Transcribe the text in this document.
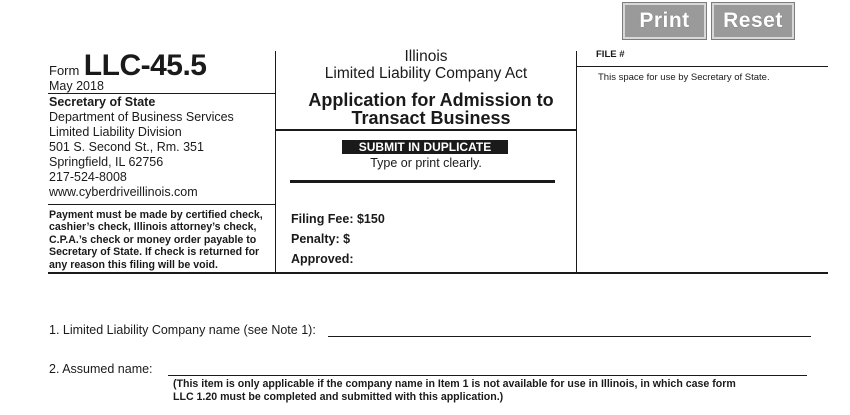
Print	Reset
Form LLC-45.5
May 2018
Secretary of State
Department of Business Services
Limited Liability Division
501 S. Second St., Rm. 351
Springfield, IL 62756
217-524-8008
www.cyberdriveillinois.com
Payment must be made by certified check,
cashier’s check, Illinois attorney’s check,
C.P.A.’s check or money order payable to
Secretary of State. If check is returned for
any reason this filing will be void.
Illinois
Limited Liability Company Act
Application for Admission to
Transact Business
SUBMIT IN DUPLICATE
Type or print clearly.
Filing Fee: $150
Penalty: $
Approved:
FILE #
This space for use by Secretary of State.
1. Limited Liability Company name (see Note 1):
2. Assumed name:
(This item is only applicable if the company name in Item 1 is not available for use in Illinois, in which case form
LLC 1.20 must be completed and submitted with this application.)
